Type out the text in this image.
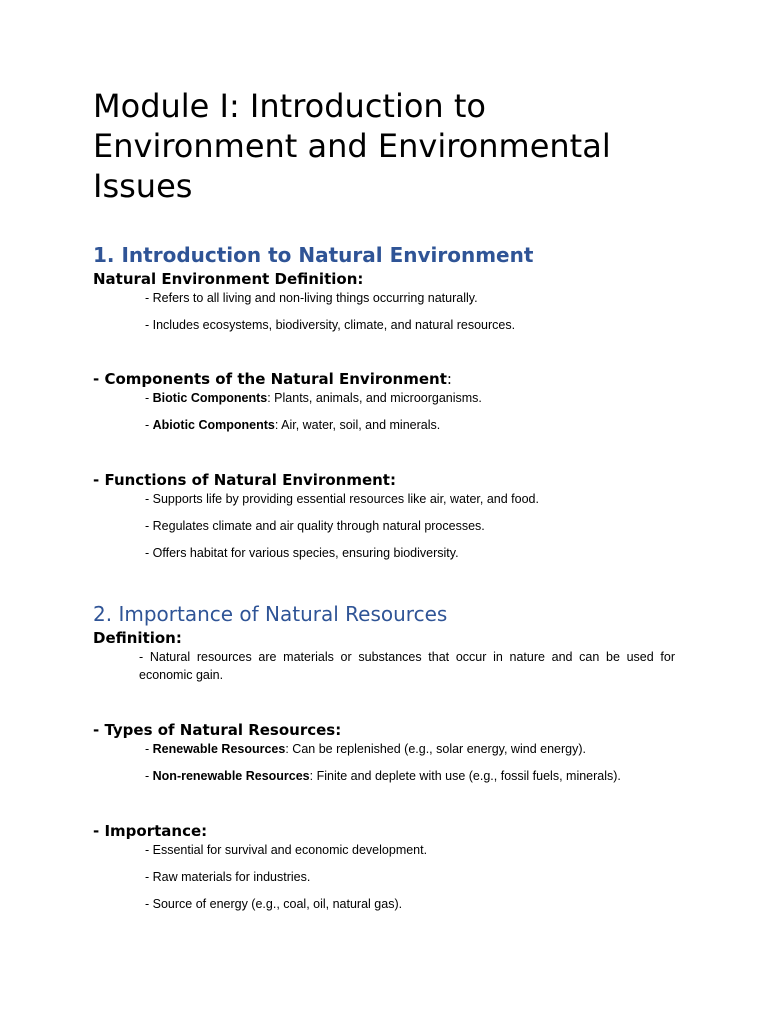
Module I: Introduction to Environment and Environmental Issues
1. Introduction to Natural Environment

Natural Environment Definition:

- Refers to all living and non-living things occurring naturally.

- Includes ecosystems, biodiversity, climate, and natural resources.

- Components of the Natural Environment:

- Biotic Components: Plants, animals, and microorganisms.

- Abiotic Components: Air, water, soil, and minerals.

- Functions of Natural Environment:

- Supports life by providing essential resources like air, water, and food.

- Regulates climate and air quality through natural processes.

- Offers habitat for various species, ensuring biodiversity.

2. Importance of Natural Resources

Definition:

- Natural resources are materials or substances that occur in nature and can be used for economic gain.

- Types of Natural Resources:

- Renewable Resources: Can be replenished (e.g., solar energy, wind energy).

- Non-renewable Resources: Finite and deplete with use (e.g., fossil fuels, minerals).

- Importance:

- Essential for survival and economic development.

- Raw materials for industries.

- Source of energy (e.g., coal, oil, natural gas).
